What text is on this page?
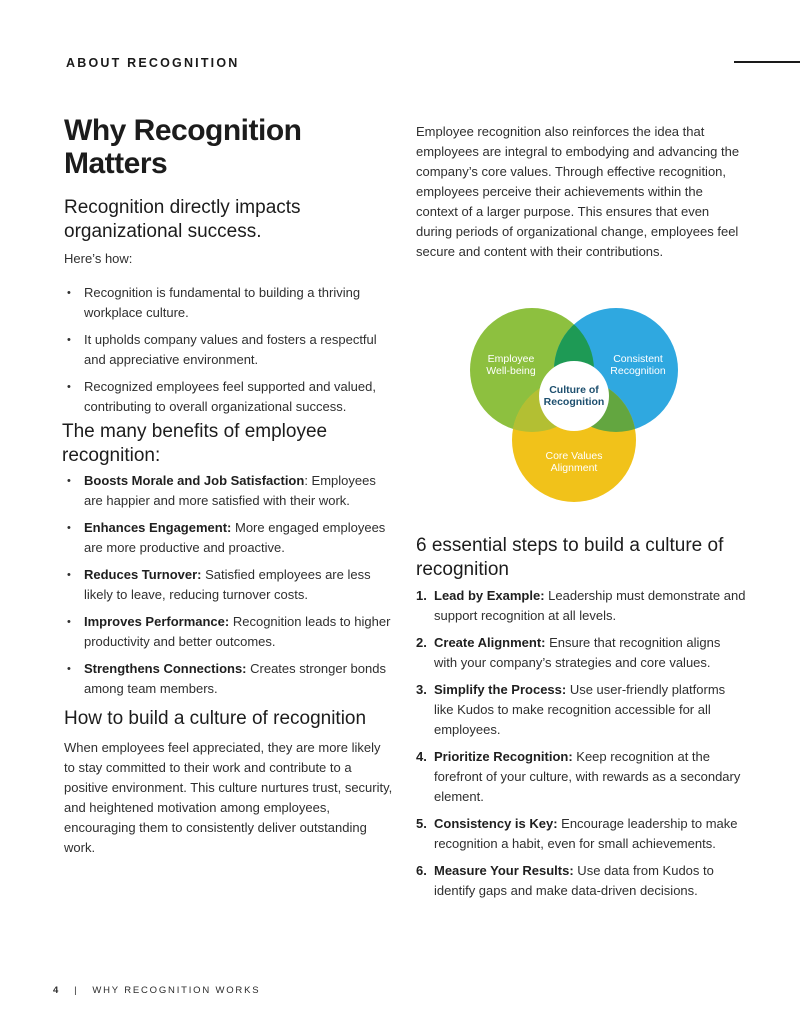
ABOUT RECOGNITION
Why Recognition Matters
Recognition directly impacts organizational success.

Here’s how:

• Recognition is fundamental to building a thriving workplace culture.
• It upholds company values and fosters a respectful and appreciative environment.
• Recognized employees feel supported and valued, contributing to overall organizational success.
The many benefits of employee recognition:
• Boosts Morale and Job Satisfaction: Employees are happier and more satisfied with their work.
• Enhances Engagement: More engaged employees are more productive and proactive.
• Reduces Turnover: Satisfied employees are less likely to leave, reducing turnover costs.
• Improves Performance: Recognition leads to higher productivity and better outcomes.
• Strengthens Connections: Creates stronger bonds among team members.
How to build a culture of recognition

When employees feel appreciated, they are more likely to stay committed to their work and contribute to a positive environment. This culture nurtures trust, security, and heightened motivation among employees, encouraging them to consistently deliver outstanding work.

Employee recognition also reinforces the idea that employees are integral to embodying and advancing the company’s core values. Through effective recognition, employees perceive their achievements within the context of a larger purpose. This ensures that even during periods of organizational change, employees feel secure and content with their contributions.

Employee Well-being
Consistent Recognition
Core Values Alignment
Culture of Recognition
6 essential steps to build a culture of recognition
1. Lead by Example: Leadership must demonstrate and support recognition at all levels.
2. Create Alignment: Ensure that recognition aligns with your company’s strategies and core values.
3. Simplify the Process: Use user-friendly platforms like Kudos to make recognition accessible for all employees.
4. Prioritize Recognition: Keep recognition at the forefront of your culture, with rewards as a secondary element.
5. Consistency is Key: Encourage leadership to make recognition a habit, even for small achievements.
6. Measure Your Results: Use data from Kudos to identify gaps and make data-driven decisions.
4 | WHY RECOGNITION WORKS
